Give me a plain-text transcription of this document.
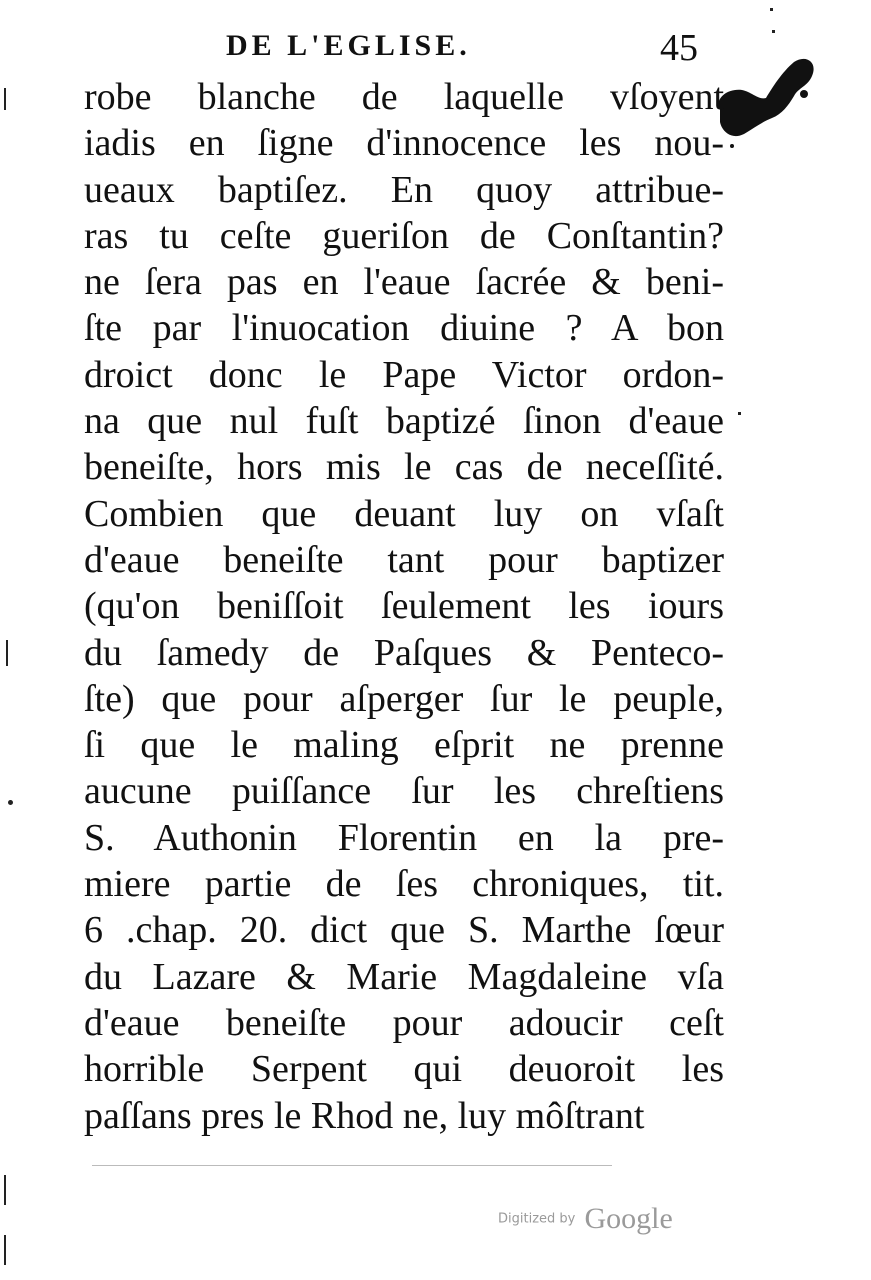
DE L'EGLISE.	45
robe blanche de laquelle vſoyent
iadis en ſigne d'innocence les nou-
ueaux baptiſez. En quoy attribue-
ras tu ceſte gueriſon de Conſtantin?
ne ſera pas en l'eaue ſacrée & beni-
ſte par l'inuocation diuine ? A bon
droict donc le Pape Victor ordon-
na que nul fuſt baptizé ſinon d'eaue
beneiſte, hors mis le cas de neceſſité.
Combien que deuant luy on vſaſt
d'eaue beneiſte tant pour baptizer
(qu'on beniſſoit ſeulement les iours
du ſamedy de Paſques & Penteco-
ſte) que pour aſperger ſur le peuple,
ſi que le maling eſprit ne prenne
aucune puiſſance ſur les chreſtiens
S. Authonin Florentin en la pre-
miere partie de ſes chroniques, tit.
6 .chap. 20. dict que S. Marthe ſœur
du Lazare & Marie Magdaleine vſa
d'eaue beneiſte pour adoucir ceſt
horrible Serpent qui deuoroit les
paſſans pres le Rhod ne, luy môſtrant
Digitized by Google
